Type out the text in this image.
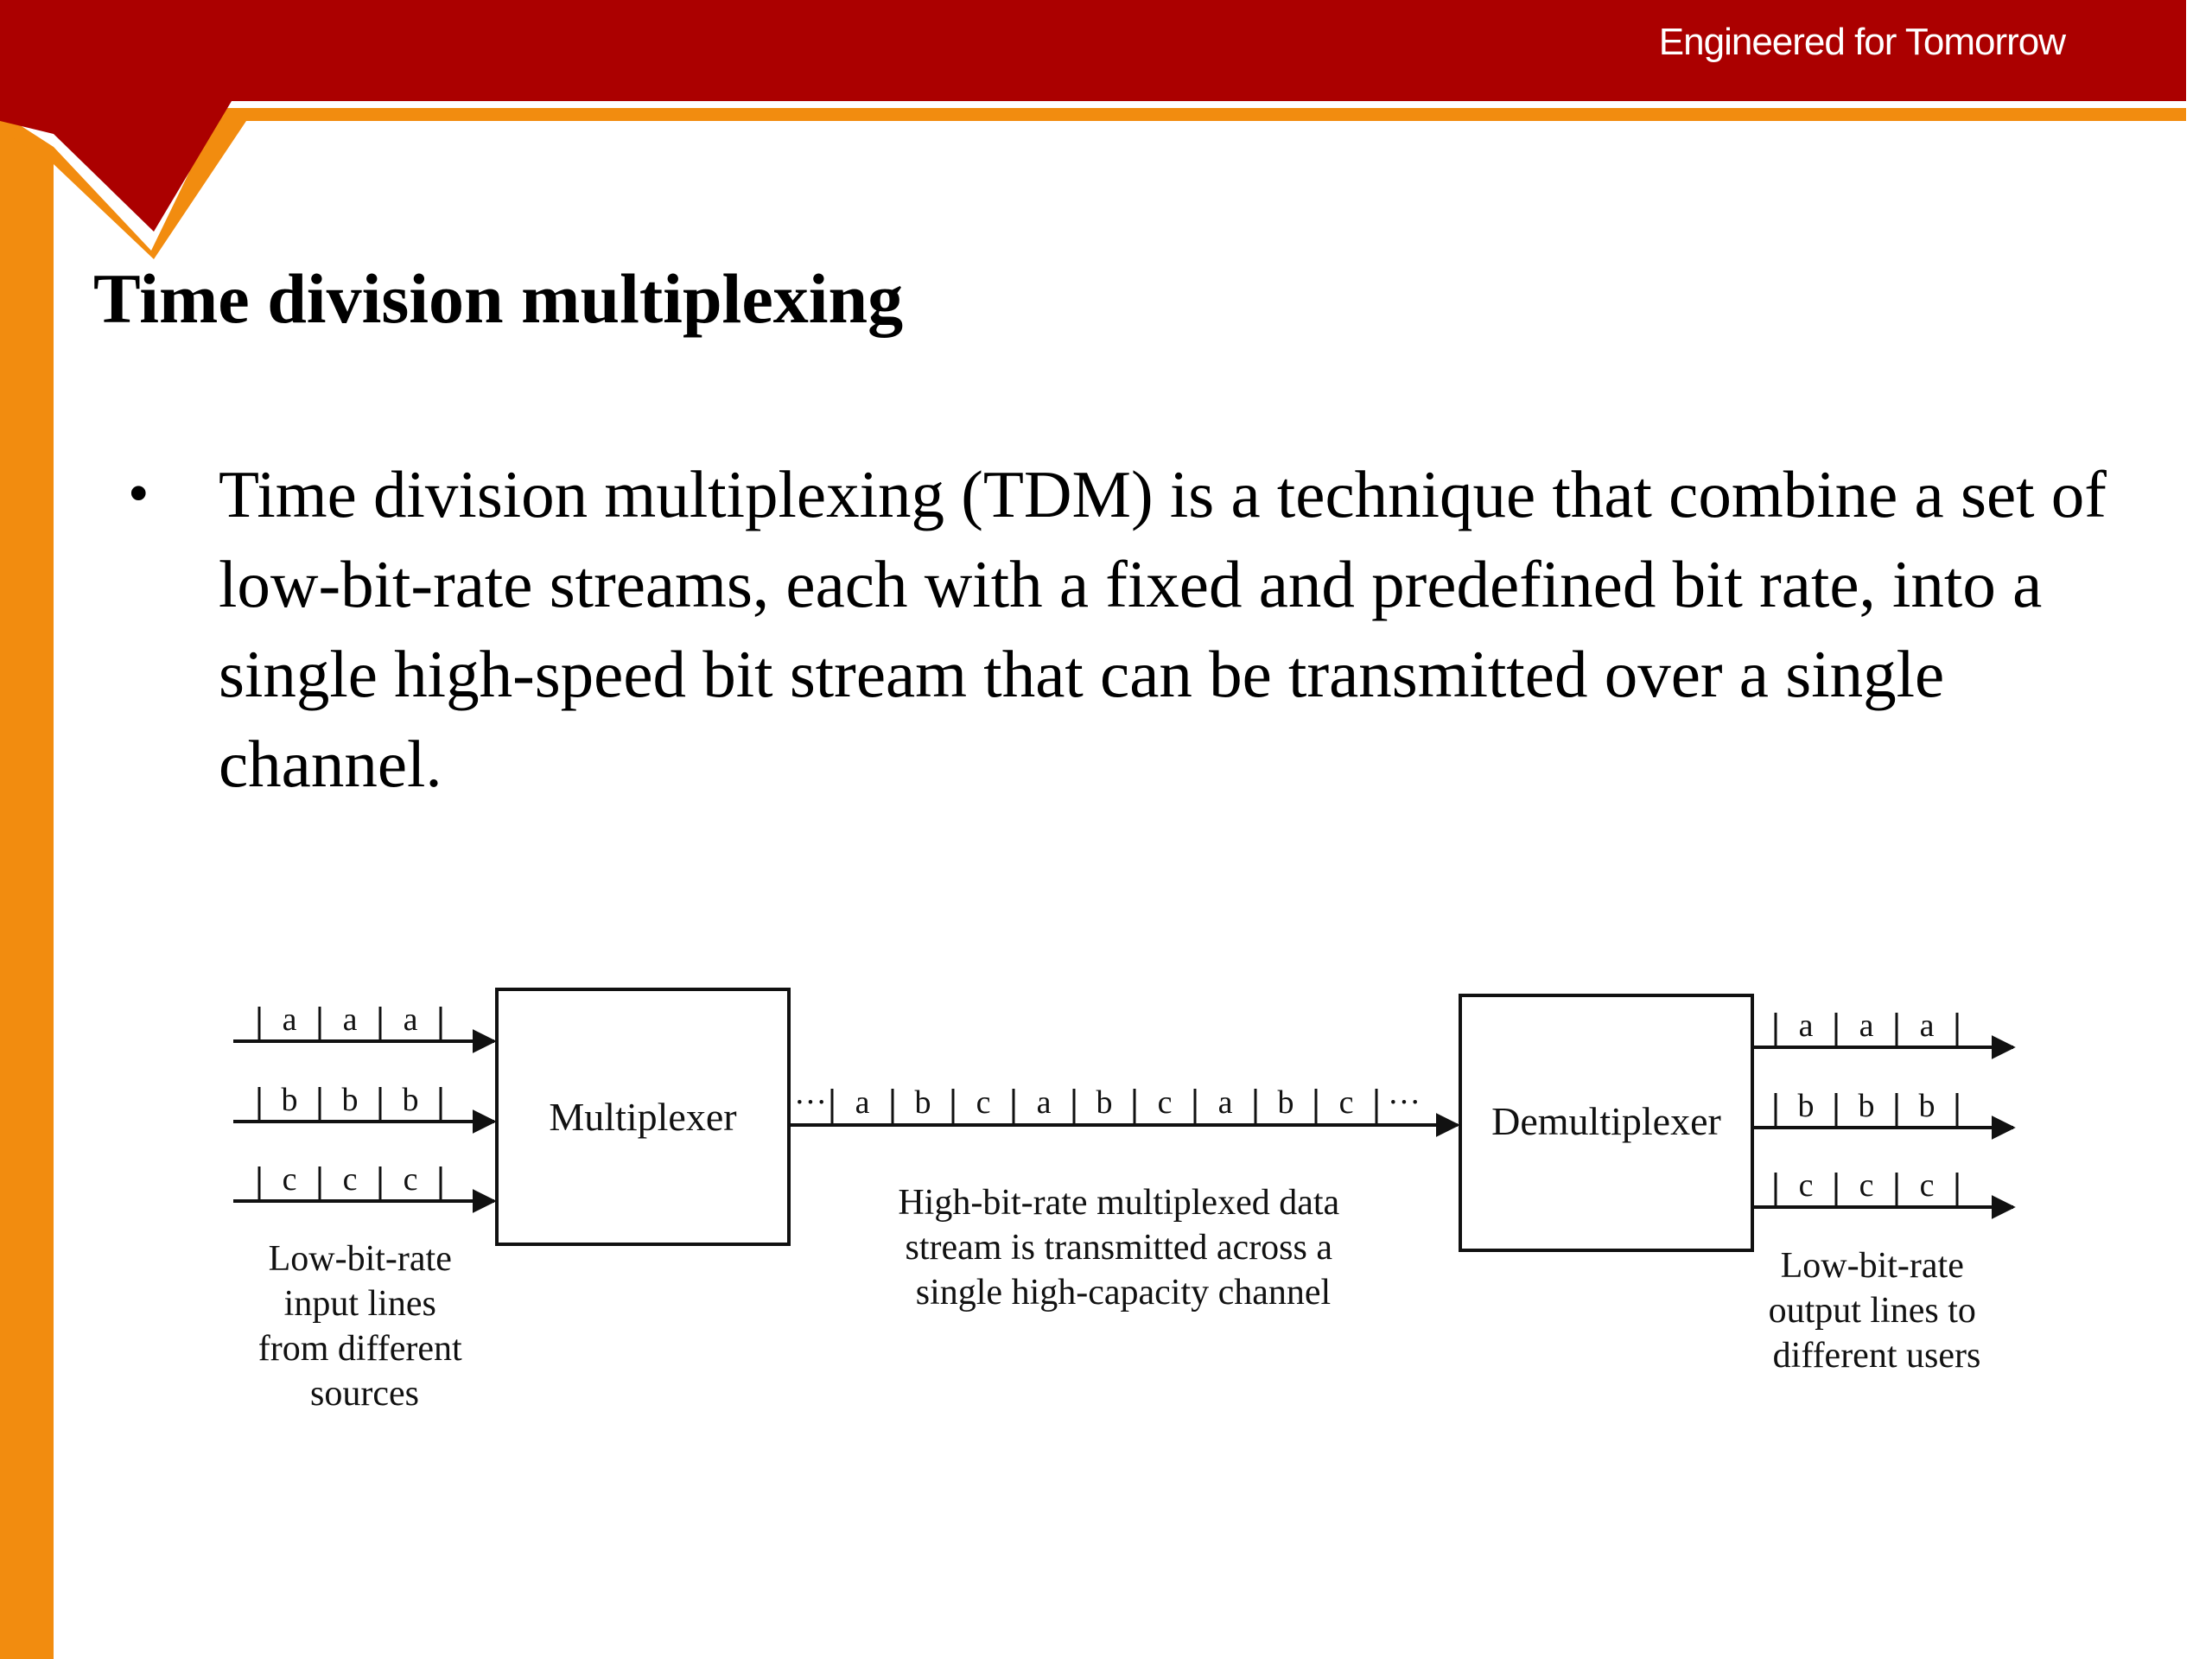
Engineered for Tomorrow
Time division multiplexing
• Time division multiplexing (TDM) is a technique that combine a set of low-bit-rate streams, each with a fixed and predefined bit rate, into a single high-speed bit stream that can be transmitted over a single channel.
Multiplexer	Demultiplexer
a a a
b b b
c c c
··· a b c a b c a b c ···
a a a
b b b
c c c
Low-bit-rate input lines from different sources
High-bit-rate multiplexed data stream is transmitted across a single high-capacity channel
Low-bit-rate output lines to different users
